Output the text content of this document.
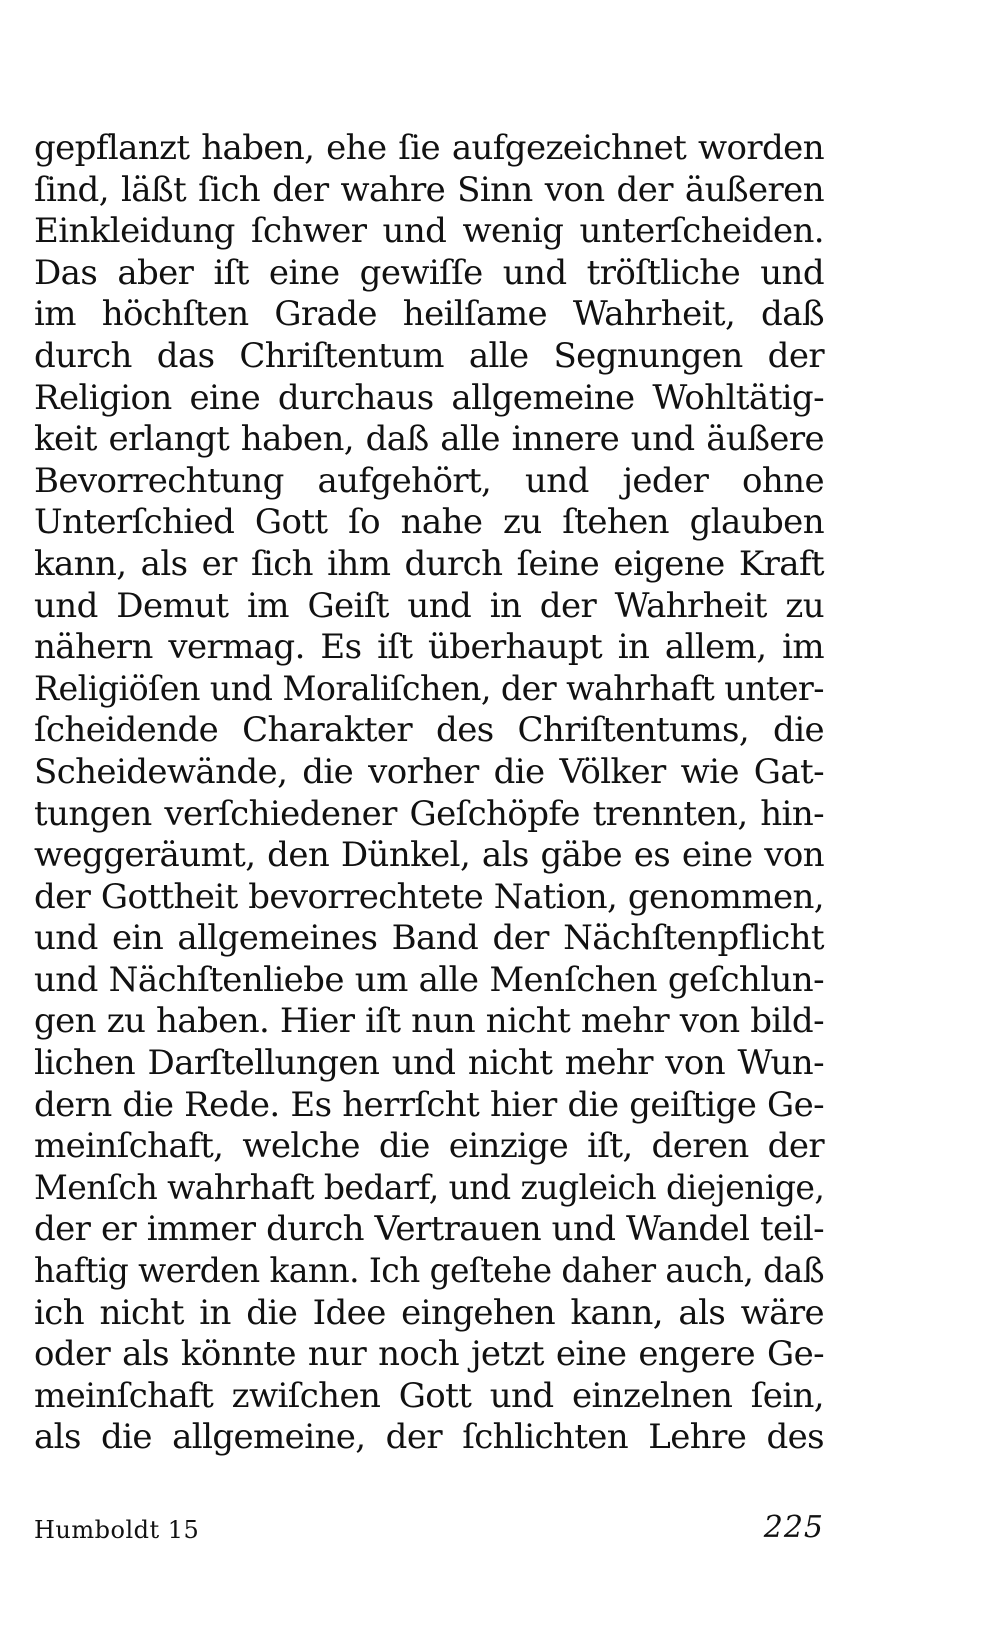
gepflanzt haben, ehe ſie aufgezeichnet worden
ſind, läßt ſich der wahre Sinn von der äußeren
Einkleidung ſchwer und wenig unterſcheiden.
Das aber iſt eine gewiſſe und tröſtliche und
im höchſten Grade heilſame Wahrheit, daß
durch das Chriſtentum alle Segnungen der
Religion eine durchaus allgemeine Wohltätig-
keit erlangt haben, daß alle innere und äußere
Bevorrechtung aufgehört, und jeder ohne
Unterſchied Gott ſo nahe zu ſtehen glauben
kann, als er ſich ihm durch ſeine eigene Kraft
und Demut im Geiſt und in der Wahrheit zu
nähern vermag. Es iſt überhaupt in allem, im
Religiöſen und Moraliſchen, der wahrhaft unter-
ſcheidende Charakter des Chriſtentums, die
Scheidewände, die vorher die Völker wie Gat-
tungen verſchiedener Geſchöpfe trennten, hin-
weggeräumt, den Dünkel, als gäbe es eine von
der Gottheit bevorrechtete Nation, genommen,
und ein allgemeines Band der Nächſtenpflicht
und Nächſtenliebe um alle Menſchen geſchlun-
gen zu haben. Hier iſt nun nicht mehr von bild-
lichen Darſtellungen und nicht mehr von Wun-
dern die Rede. Es herrſcht hier die geiſtige Ge-
meinſchaft, welche die einzige iſt, deren der
Menſch wahrhaft bedarf, und zugleich diejenige,
der er immer durch Vertrauen und Wandel teil-
haftig werden kann. Ich geſtehe daher auch, daß
ich nicht in die Idee eingehen kann, als wäre
oder als könnte nur noch jetzt eine engere Ge-
meinſchaft zwiſchen Gott und einzelnen ſein,
als die allgemeine, der ſchlichten Lehre des
Humboldt 15	225
